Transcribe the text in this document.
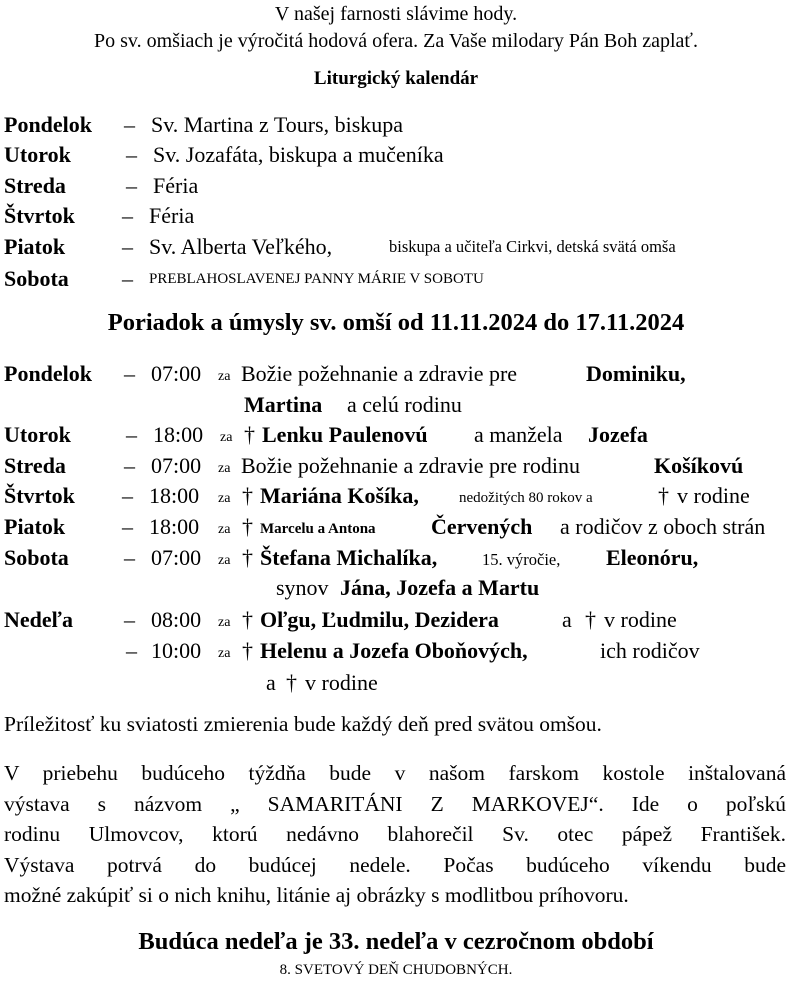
V našej farnosti slávime hody.
Po sv. omšiach je výročitá hodová ofera. Za Vaše milodary Pán Boh zaplať.
Liturgický kalendár
Pondelok – Sv. Martina z Tours, biskupa
Utorok	– Sv. Jozafáta, biskupa a mučeníka
Streda	– Féria
Štvrtok – Féria
Piatok	– Sv. Alberta Veľkého,	biskupa a učiteľa Cirkvi, detská svätá omša
Sobota – PREBLAHOSLAVENEJ PANNY MÁRIE V SOBOTU
Poriadok a úmysly sv. omší od 11.11.2024 do 17.11.2024
Pondelok – 07:00 za Božie požehnanie a zdravie pre	Dominiku,
Martina a celú rodinu
Utorok	– 18:00 za † Lenku Paulenovú a manžela Jozefa
Streda	– 07:00 za Božie požehnanie a zdravie pre rodinu	Košíkovú
Štvrtok – 18:00 za † Mariána Košíka,	nedožitých 80 rokov a	† v rodine
Piatok	– 18:00 za † Marcelu a Antona	Červených a rodičov z oboch strán
Sobota	– 07:00 za † Štefana Michalíka,	15. výročie, Eleonóru,
synov Jána, Jozefa a Martu
Nedeľa – 08:00 za † Oľgu, Ľudmilu, Dezidera	a † v rodine
– 10:00 za † Helenu a Jozefa Oboňových,	ich rodičov
a † v rodine
Príležitosť ku sviatosti zmierenia bude každý deň pred svätou omšou.
V priebehu budúceho týždňa bude v našom farskom kostole inštalovaná
výstava s názvom „ SAMARITÁNI Z MARKOVEJ“. Ide o poľskú
rodinu Ulmovcov, ktorú nedávno blahorečil Sv. otec pápež František.
Výstava potrvá do budúcej nedele. Počas budúceho víkendu bude
možné zakúpiť si o nich knihu, litánie aj obrázky s modlitbou príhovoru.
Budúca nedeľa je 33. nedeľa v cezročnom období
8. SVETOVÝ DEŇ CHUDOBNÝCH.
